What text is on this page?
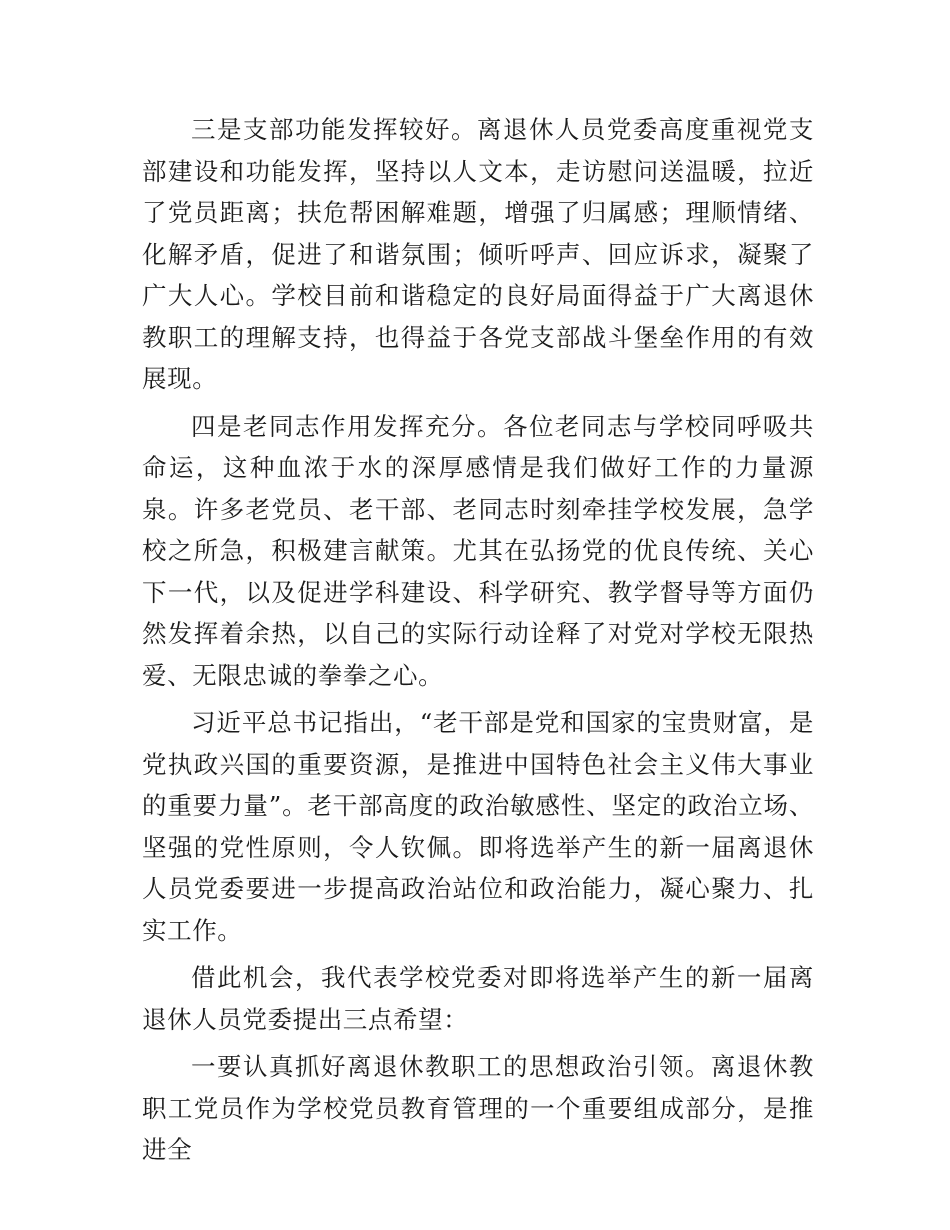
三是支部功能发挥较好。离退休人员党委高度重视党支部建设和功能发挥，坚持以人文本，走访慰问送温暖，拉近了党员距离；扶危帮困解难题，增强了归属感；理顺情绪、化解矛盾，促进了和谐氛围；倾听呼声、回应诉求，凝聚了广大人心。学校目前和谐稳定的良好局面得益于广大离退休教职工的理解支持，也得益于各党支部战斗堡垒作用的有效展现。

四是老同志作用发挥充分。各位老同志与学校同呼吸共命运，这种血浓于水的深厚感情是我们做好工作的力量源泉。许多老党员、老干部、老同志时刻牵挂学校发展，急学校之所急，积极建言献策。尤其在弘扬党的优良传统、关心下一代，以及促进学科建设、科学研究、教学督导等方面仍然发挥着余热，以自己的实际行动诠释了对党对学校无限热爱、无限忠诚的拳拳之心。

习近平总书记指出，“老干部是党和国家的宝贵财富，是党执政兴国的重要资源，是推进中国特色社会主义伟大事业的重要力量”。老干部高度的政治敏感性、坚定的政治立场、坚强的党性原则，令人钦佩。即将选举产生的新一届离退休人员党委要进一步提高政治站位和政治能力，凝心聚力、扎实工作。

借此机会，我代表学校党委对即将选举产生的新一届离退休人员党委提出三点希望：

一要认真抓好离退休教职工的思想政治引领。离退休教职工党员作为学校党员教育管理的一个重要组成部分，是推进全
